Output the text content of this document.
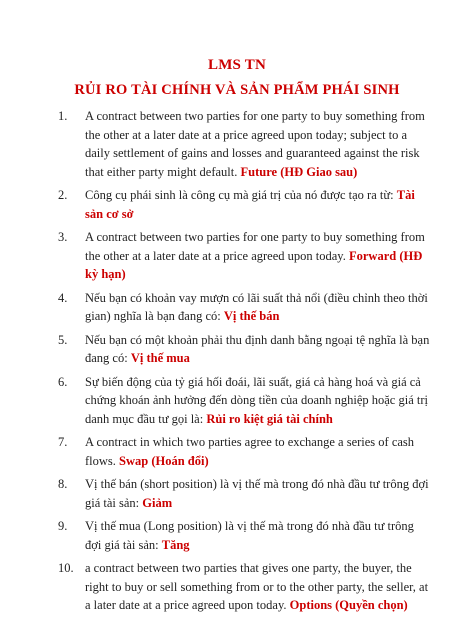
LMS TN
RỦI RO TÀI CHÍNH VÀ SẢN PHẨM PHÁI SINH
1.	A contract between two parties for one party to buy something from the other at a later date at a price agreed upon today; subject to a daily settlement of gains and losses and guaranteed against the risk that either party might default. Future (HĐ Giao sau)
2.	Công cụ phái sinh là công cụ mà giá trị của nó được tạo ra từ: Tài sản cơ sở
3.	A contract between two parties for one party to buy something from the other at a later date at a price agreed upon today. Forward (HĐ kỳ hạn)
4.	Nếu bạn có khoản vay mượn có lãi suất thả nổi (điều chỉnh theo thời gian) nghĩa là bạn đang có: Vị thế bán
5.	Nếu bạn có một khoản phải thu định danh bằng ngoại tệ nghĩa là bạn đang có: Vị thế mua
6.	Sự biến động của tỷ giá hối đoái, lãi suất, giá cả hàng hoá và giá cả chứng khoán ảnh hưởng đến dòng tiền của doanh nghiệp hoặc giá trị danh mục đầu tư gọi là: Rủi ro kiệt giá tài chính
7.	A contract in which two parties agree to exchange a series of cash flows. Swap (Hoán đổi)
8.	Vị thế bán (short position) là vị thế mà trong đó nhà đầu tư trông đợi giá tài sản: Giảm
9.	Vị thế mua (Long position) là vị thế mà trong đó nhà đầu tư trông đợi giá tài sản: Tăng
10. a contract between two parties that gives one party, the buyer, the right to buy or sell something from or to the other party, the seller, at a later date at a price agreed upon today. Options (Quyền chọn)
